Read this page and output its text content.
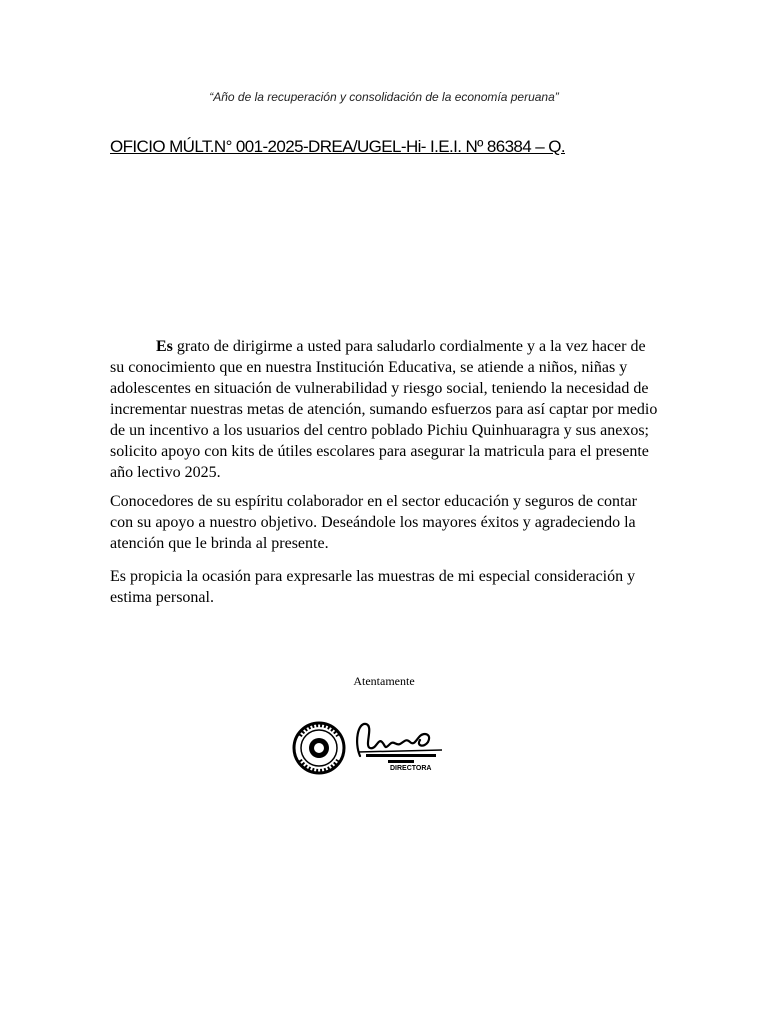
“Año de la recuperación y consolidación de la economía peruana”
OFICIO MÚLT.N° 001-2025-DREA/UGEL-Hi- I.E.I. Nº 86384 – Q.

Es grato de dirigirme a usted para saludarlo cordialmente y a la vez hacer de su conocimiento que en nuestra Institución Educativa, se atiende a niños, niñas y adolescentes en situación de vulnerabilidad y riesgo social, teniendo la necesidad de incrementar nuestras metas de atención, sumando esfuerzos para así captar por medio de un incentivo a los usuarios del centro poblado Pichiu Quinhuaragra y sus anexos; solicito apoyo con kits de útiles escolares para asegurar la matricula para el presente año lectivo 2025.

Conocedores de su espíritu colaborador en el sector educación y seguros de contar con su apoyo a nuestro objetivo. Deseándole los mayores éxitos y agradeciendo la atención que le brinda al presente.

Es propicia la ocasión para expresarle las muestras de mi especial consideración y estima personal.

Atentamente
DIRECTORA
